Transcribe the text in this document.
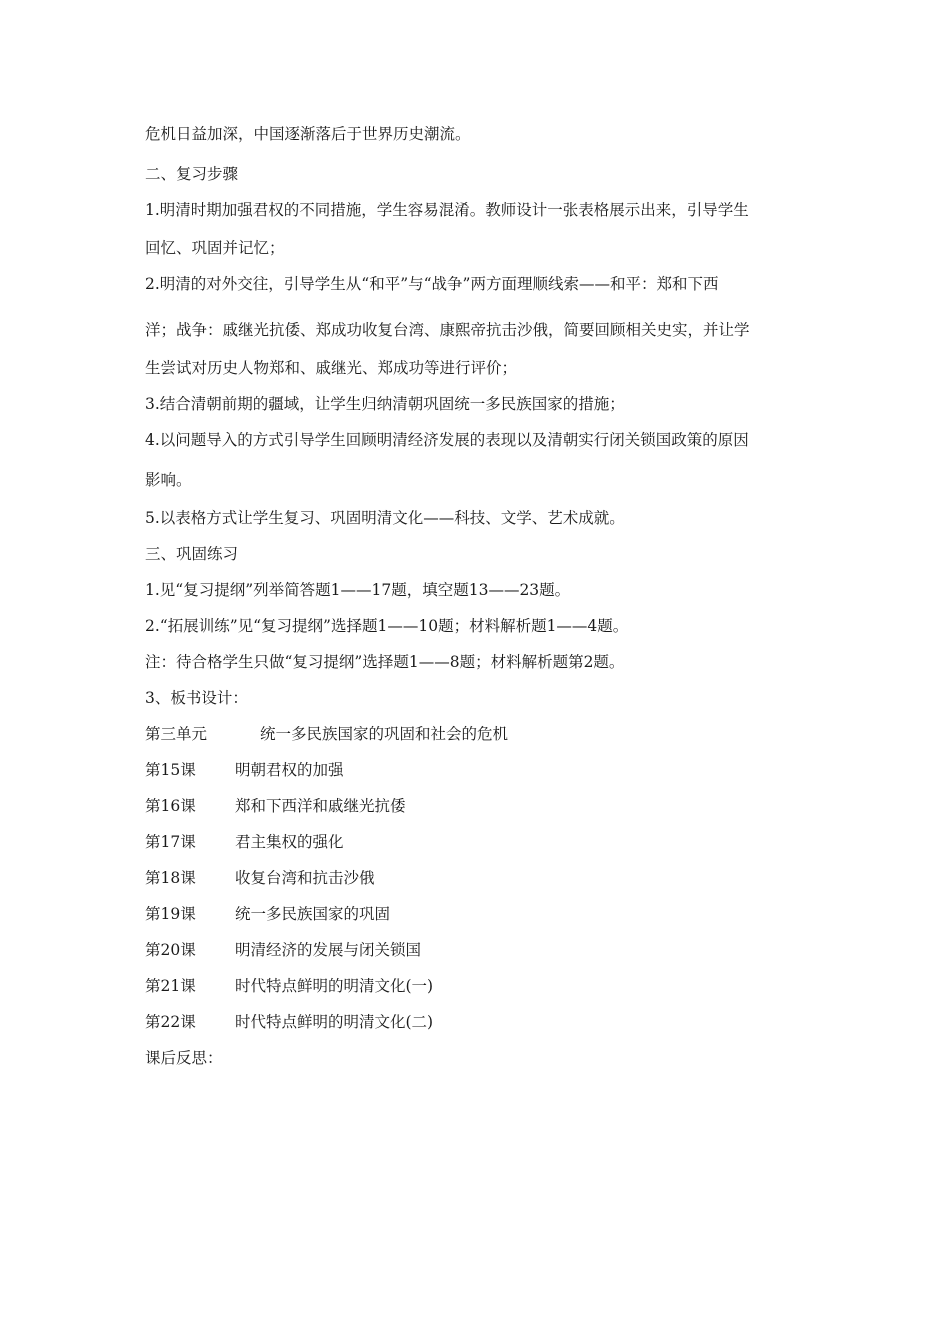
危机日益加深，中国逐渐落后于世界历史潮流。
二、复习步骤
1.明清时期加强君权的不同措施，学生容易混淆。教师设计一张表格展示出来，引导学生
回忆、巩固并记忆；
2.明清的对外交往，引导学生从“和平”与“战争”两方面理顺线索——和平：郑和下西
洋；战争：戚继光抗倭、郑成功收复台湾、康熙帝抗击沙俄，简要回顾相关史实，并让学
生尝试对历史人物郑和、戚继光、郑成功等进行评价；
3.结合清朝前期的疆域，让学生归纳清朝巩固统一多民族国家的措施；
4.以问题导入的方式引导学生回顾明清经济发展的表现以及清朝实行闭关锁国政策的原因
影响。
5.以表格方式让学生复习、巩固明清文化——科技、文学、艺术成就。
三、巩固练习
1.见“复习提纲”列举简答题1——17题，填空题13——23题。
2.“拓展训练”见“复习提纲”选择题1——10题；材料解析题1——4题。
注：待合格学生只做“复习提纲”选择题1——8题；材料解析题第2题。
3、板书设计：
第三单元	统一多民族国家的巩固和社会的危机
第15课	明朝君权的加强
第16课	郑和下西洋和戚继光抗倭
第17课	君主集权的强化
第18课	收复台湾和抗击沙俄
第19课	统一多民族国家的巩固
第20课	明清经济的发展与闭关锁国
第21课	时代特点鲜明的明清文化(一)
第22课	时代特点鲜明的明清文化(二)
课后反思：
